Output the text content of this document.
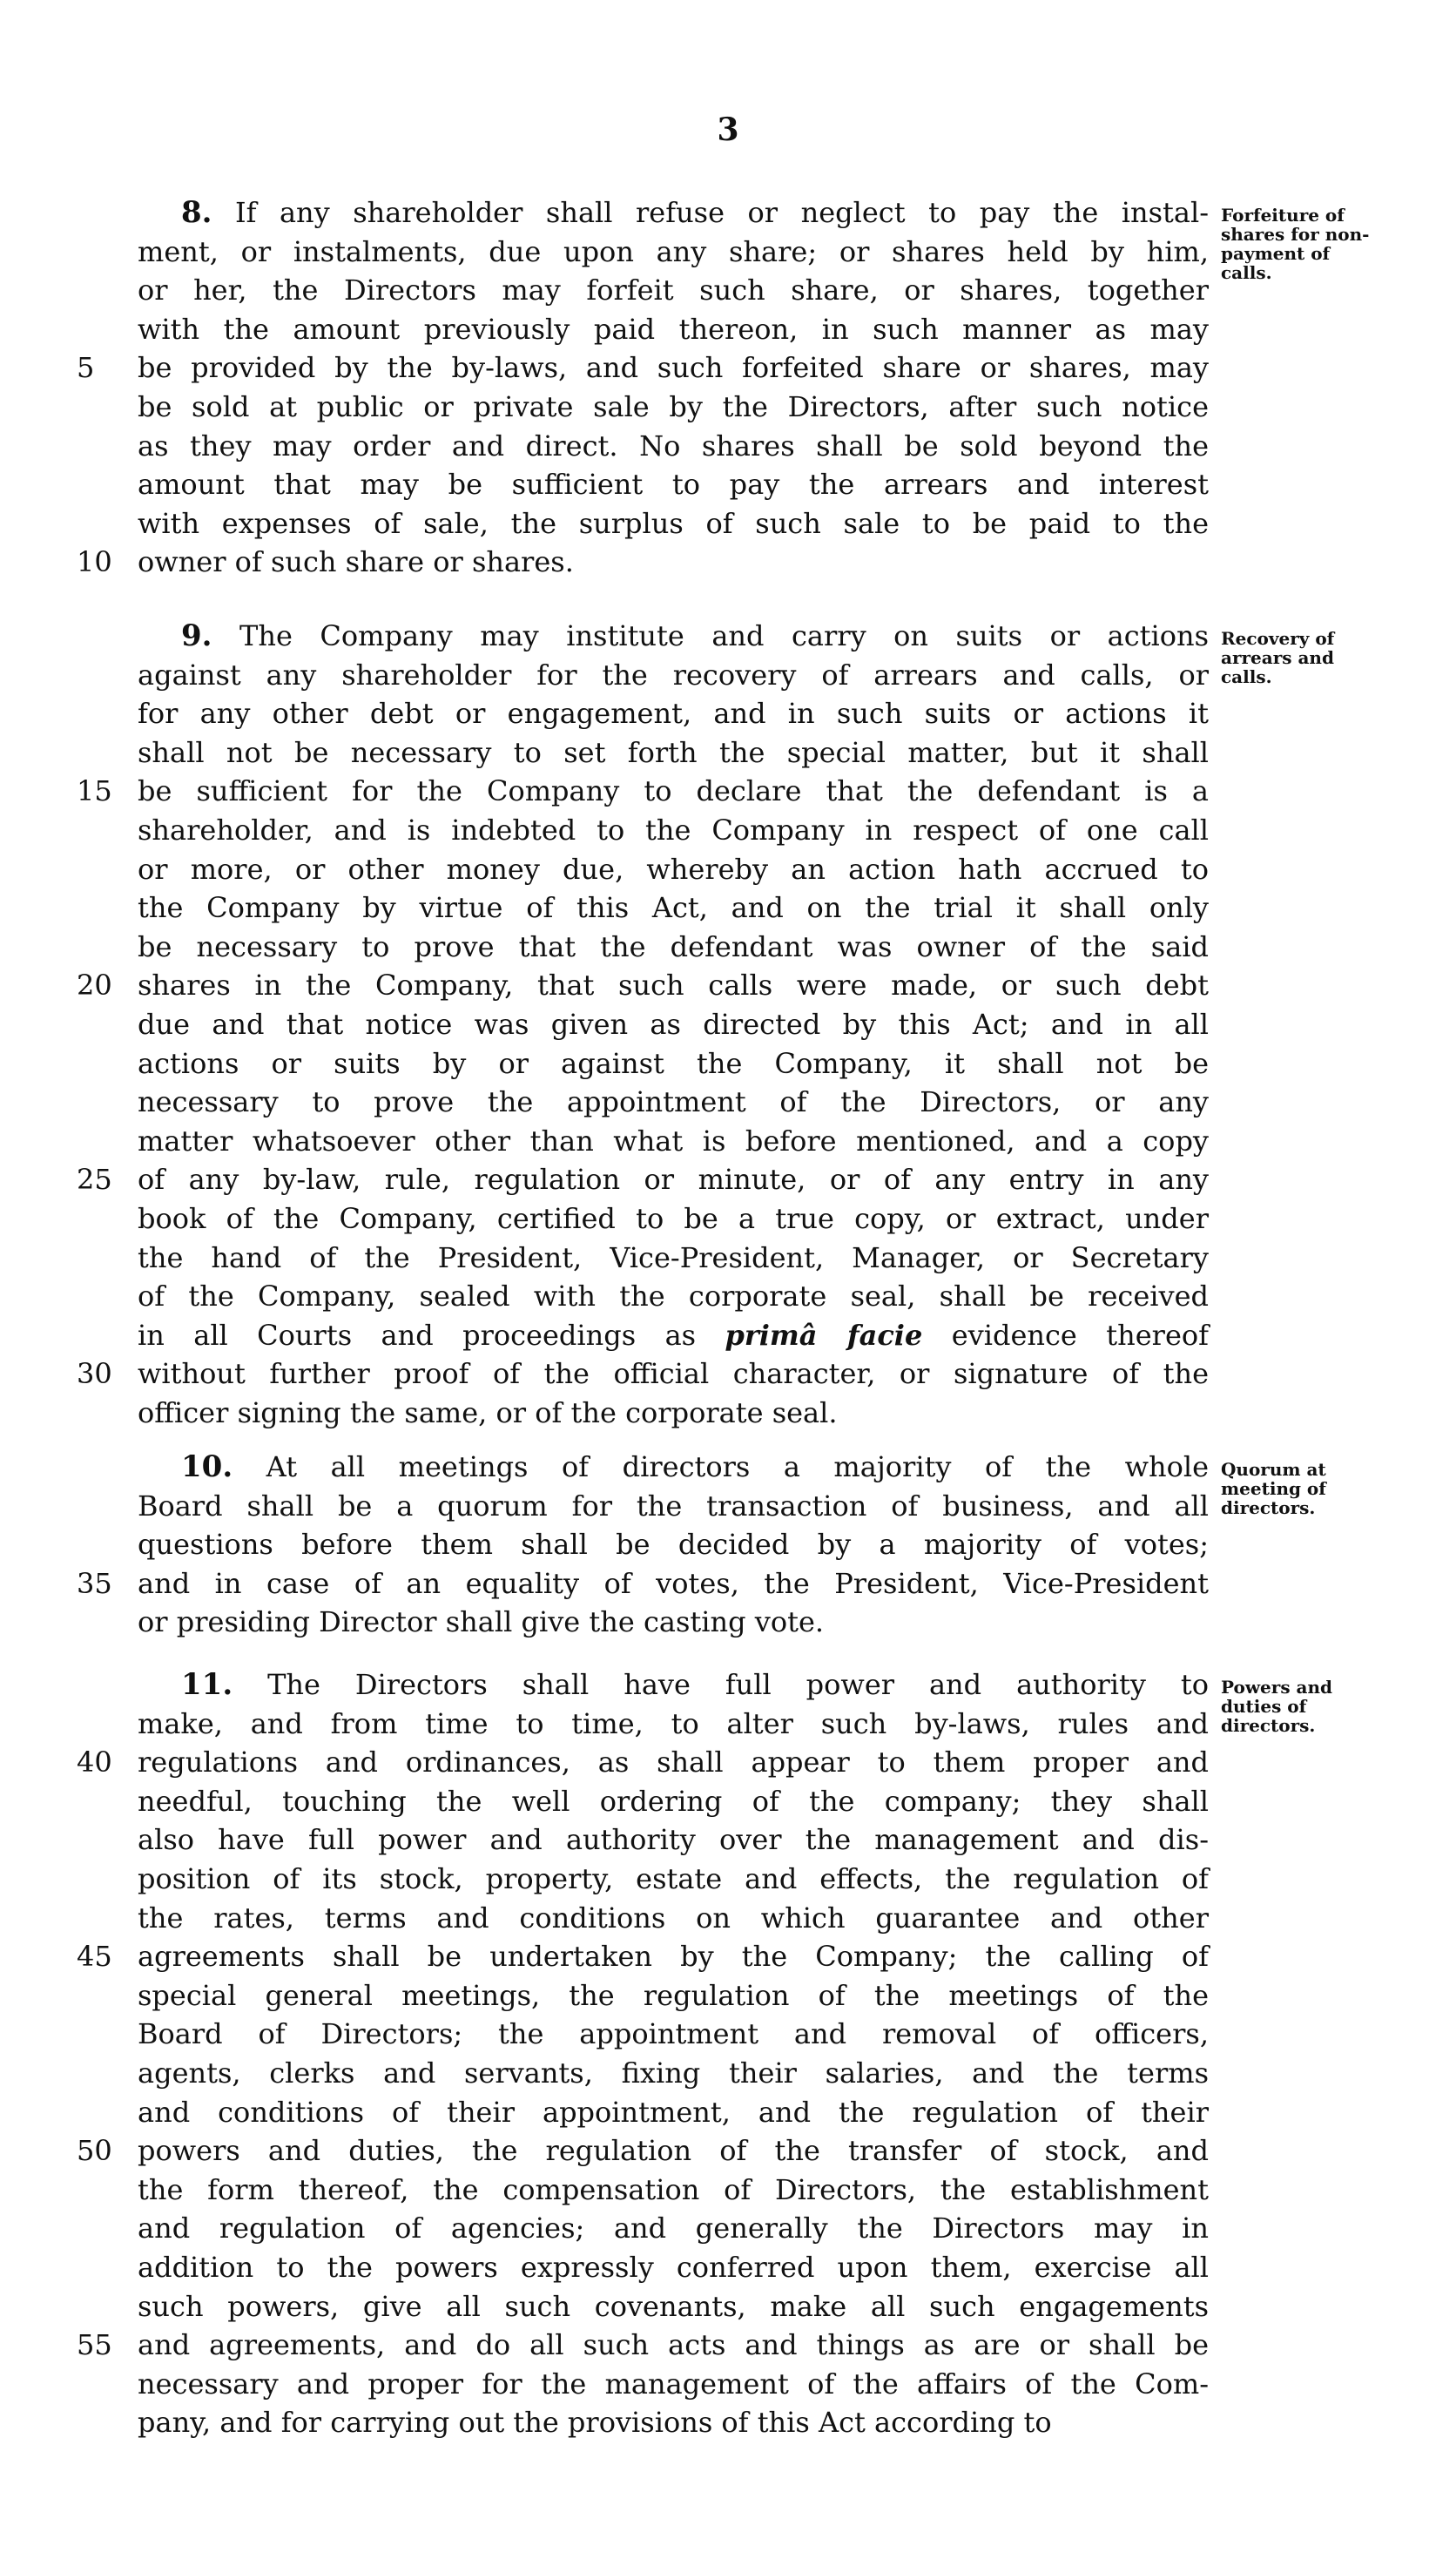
3
8. If any shareholder shall refuse or neglect to pay the instal-
ment, or instalments, due upon any share; or shares held by him,
or her, the Directors may forfeit such share, or shares, together
with the amount previously paid thereon, in such manner as may
5	be provided by the by-laws, and such forfeited share or shares, may
be sold at public or private sale by the Directors, after such notice
as they may order and direct. No shares shall be sold beyond the
amount that may be sufficient to pay the arrears and interest
with expenses of sale, the surplus of such sale to be paid to the
10 owner of such share or shares.
Forfeiture of
shares for non-
payment of
calls.
9. The Company may institute and carry on suits or actions
against any shareholder for the recovery of arrears and calls, or
for any other debt or engagement, and in such suits or actions it
shall not be necessary to set forth the special matter, but it shall
15 be sufficient for the Company to declare that the defendant is a
shareholder, and is indebted to the Company in respect of one call
or more, or other money due, whereby an action hath accrued to
the Company by virtue of this Act, and on the trial it shall only
be necessary to prove that the defendant was owner of the said
20 shares in the Company, that such calls were made, or such debt
due and that notice was given as directed by this Act; and in all
actions or suits by or against the Company, it shall not be
necessary to prove the appointment of the Directors, or any
matter whatsoever other than what is before mentioned, and a copy
25 of any by-law, rule, regulation or minute, or of any entry in any
book of the Company, certified to be a true copy, or extract, under
the hand of the President, Vice-President, Manager, or Secretary
of the Company, sealed with the corporate seal, shall be received
in all Courts and proceedings as primâ facie evidence thereof
30 without further proof of the official character, or signature of the
officer signing the same, or of the corporate seal.
Recovery of
arrears and
calls.
10. At all meetings of directors a majority of the whole
Board shall be a quorum for the transaction of business, and all
questions before them shall be decided by a majority of votes;
35 and in case of an equality of votes, the President, Vice-President
or presiding Director shall give the casting vote.
Quorum at
meeting of
directors.
11. The Directors shall have full power and authority to
make, and from time to time, to alter such by-laws, rules and
40 regulations and ordinances, as shall appear to them proper and
needful, touching the well ordering of the company; they shall
also have full power and authority over the management and dis-
position of its stock, property, estate and effects, the regulation of
the rates, terms and conditions on which guarantee and other
45 agreements shall be undertaken by the Company; the calling of
special general meetings, the regulation of the meetings of the
Board of Directors; the appointment and removal of officers,
agents, clerks and servants, fixing their salaries, and the terms
and conditions of their appointment, and the regulation of their
50 powers and duties, the regulation of the transfer of stock, and
the form thereof, the compensation of Directors, the establishment
and regulation of agencies; and generally the Directors may in
addition to the powers expressly conferred upon them, exercise all
such powers, give all such covenants, make all such engagements
55 and agreements, and do all such acts and things as are or shall be
necessary and proper for the management of the affairs of the Com-
pany, and for carrying out the provisions of this Act according to
Powers and
duties of
directors.
